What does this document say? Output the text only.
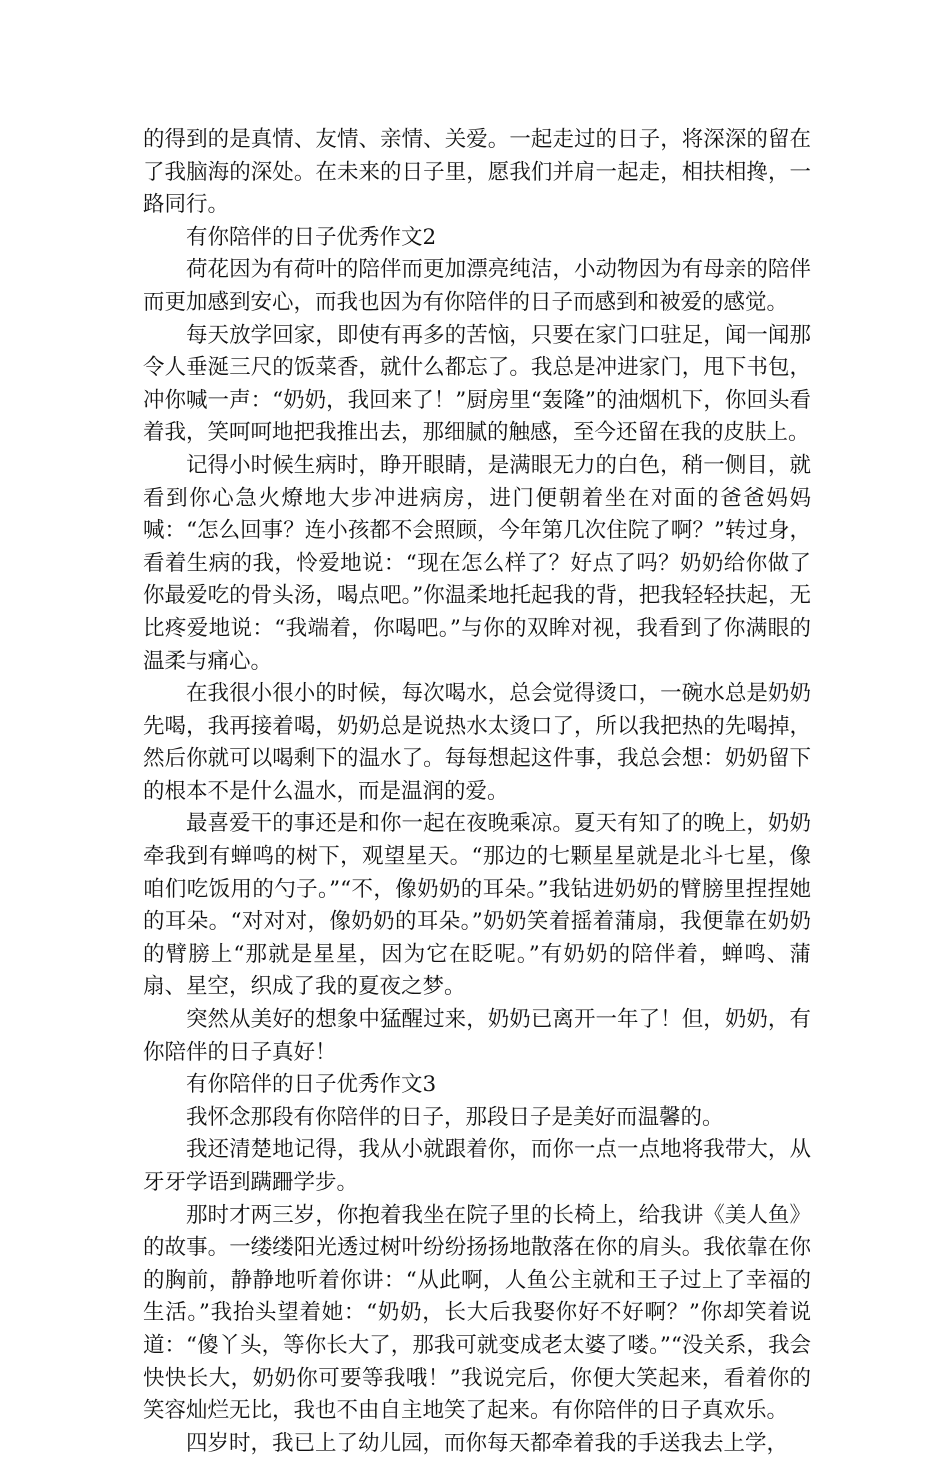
的得到的是真情、友情、亲情、关爱。一起走过的日子，将深深的留在了我脑海的深处。在未来的日子里，愿我们并肩一起走，相扶相搀，一路同行。

有你陪伴的日子优秀作文2

荷花因为有荷叶的陪伴而更加漂亮纯洁，小动物因为有母亲的陪伴而更加感到安心，而我也因为有你陪伴的日子而感到和被爱的感觉。

每天放学回家，即使有再多的苦恼，只要在家门口驻足，闻一闻那令人垂涎三尺的饭菜香，就什么都忘了。我总是冲进家门，甩下书包，冲你喊一声：“奶奶，我回来了！”厨房里“轰隆”的油烟机下，你回头看着我，笑呵呵地把我推出去，那细腻的触感，至今还留在我的皮肤上。

记得小时候生病时，睁开眼睛，是满眼无力的白色，稍一侧目，就看到你心急火燎地大步冲进病房，进门便朝着坐在对面的爸爸妈妈喊：“怎么回事？连小孩都不会照顾，今年第几次住院了啊？”转过身，看着生病的我，怜爱地说：“现在怎么样了？好点了吗？奶奶给你做了你最爱吃的骨头汤，喝点吧。”你温柔地托起我的背，把我轻轻扶起，无比疼爱地说：“我端着，你喝吧。”与你的双眸对视，我看到了你满眼的温柔与痛心。

在我很小很小的时候，每次喝水，总会觉得烫口，一碗水总是奶奶先喝，我再接着喝，奶奶总是说热水太烫口了，所以我把热的先喝掉，然后你就可以喝剩下的温水了。每每想起这件事，我总会想：奶奶留下的根本不是什么温水，而是温润的爱。

最喜爱干的事还是和你一起在夜晚乘凉。夏天有知了的晚上，奶奶牵我到有蝉鸣的树下，观望星天。“那边的七颗星星就是北斗七星，像咱们吃饭用的勺子。”“不，像奶奶的耳朵。”我钻进奶奶的臂膀里捏捏她的耳朵。“对对对，像奶奶的耳朵。”奶奶笑着摇着蒲扇，我便靠在奶奶的臂膀上“那就是星星，因为它在眨呢。”有奶奶的陪伴着，蝉鸣、蒲扇、星空，织成了我的夏夜之梦。

突然从美好的想象中猛醒过来，奶奶已离开一年了！但，奶奶，有你陪伴的日子真好！

有你陪伴的日子优秀作文3

我怀念那段有你陪伴的日子，那段日子是美好而温馨的。

我还清楚地记得，我从小就跟着你，而你一点一点地将我带大，从牙牙学语到蹒跚学步。

那时才两三岁，你抱着我坐在院子里的长椅上，给我讲《美人鱼》的故事。一缕缕阳光透过树叶纷纷扬扬地散落在你的肩头。我依靠在你的胸前，静静地听着你讲：“从此啊，人鱼公主就和王子过上了幸福的生活。”我抬头望着她：“奶奶，长大后我娶你好不好啊？”你却笑着说道：“傻丫头，等你长大了，那我可就变成老太婆了喽。”“没关系，我会快快长大，奶奶你可要等我哦！”我说完后，你便大笑起来，看着你的笑容灿烂无比，我也不由自主地笑了起来。有你陪伴的日子真欢乐。

四岁时，我已上了幼儿园，而你每天都牵着我的手送我去上学，
